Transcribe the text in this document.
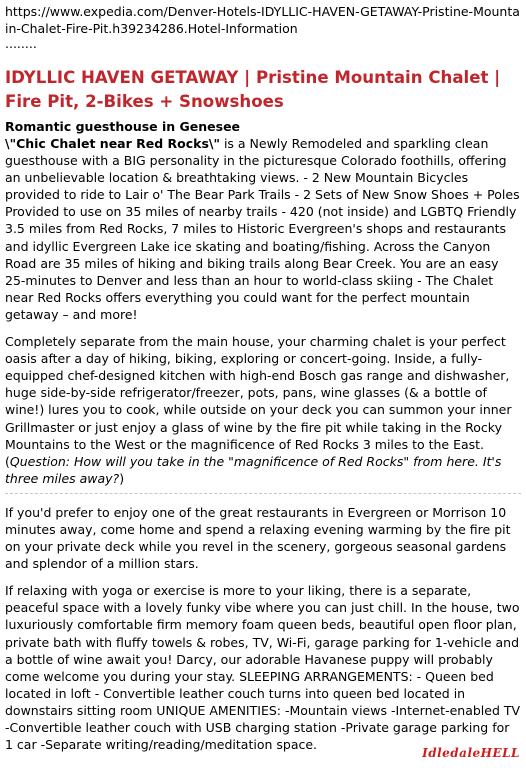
https://www.expedia.com/Denver-Hotels-IDYLLIC-HAVEN-GETAWAY-Pristine-Mountain-Chalet-Fire-Pit.h39234286.Hotel-Information
........
IDYLLIC HAVEN GETAWAY | Pristine Mountain Chalet | Fire Pit, 2-Bikes + Snowshoes
Romantic guesthouse in Genesee

\"Chic Chalet near Red Rocks\" is a Newly Remodeled and sparkling clean guesthouse with a BIG personality in the picturesque Colorado foothills, offering an unbelievable location & breathtaking views. - 2 New Mountain Bicycles provided to ride to Lair o' The Bear Park Trails - 2 Sets of New Snow Shoes + Poles Provided to use on 35 miles of nearby trails - 420 (not inside) and LGBTQ Friendly 3.5 miles from Red Rocks, 7 miles to Historic Evergreen's shops and restaurants and idyllic Evergreen Lake ice skating and boating/fishing. Across the Canyon Road are 35 miles of hiking and biking trails along Bear Creek. You are an easy 25-minutes to Denver and less than an hour to world-class skiing - The Chalet near Red Rocks offers everything you could want for the perfect mountain getaway – and more!

Completely separate from the main house, your charming chalet is your perfect oasis after a day of hiking, biking, exploring or concert-going. Inside, a fully-equipped chef-designed kitchen with high-end Bosch gas range and dishwasher, huge side-by-side refrigerator/freezer, pots, pans, wine glasses (& a bottle of wine!) lures you to cook, while outside on your deck you can summon your inner Grillmaster or just enjoy a glass of wine by the fire pit while taking in the Rocky Mountains to the West or the magnificence of Red Rocks 3 miles to the East. (Question: How will you take in the "magnificence of Red Rocks" from here. It's three miles away?)

If you'd prefer to enjoy one of the great restaurants in Evergreen or Morrison 10 minutes away, come home and spend a relaxing evening warming by the fire pit on your private deck while you revel in the scenery, gorgeous seasonal gardens and splendor of a million stars.

If relaxing with yoga or exercise is more to your liking, there is a separate, peaceful space with a lovely funky vibe where you can just chill. In the house, two luxuriously comfortable firm memory foam queen beds, beautiful open floor plan, private bath with fluffy towels & robes, TV, Wi-Fi, garage parking for 1-vehicle and a bottle of wine await you! Darcy, our adorable Havanese puppy will probably come welcome you during your stay. SLEEPING ARRANGEMENTS: - Queen bed located in loft - Convertible leather couch turns into queen bed located in downstairs sitting room UNIQUE AMENITIES: -Mountain views -Internet-enabled TV -Convertible leather couch with USB charging station -Private garage parking for 1 car -Separate writing/reading/meditation space.

IdledaleHELL
